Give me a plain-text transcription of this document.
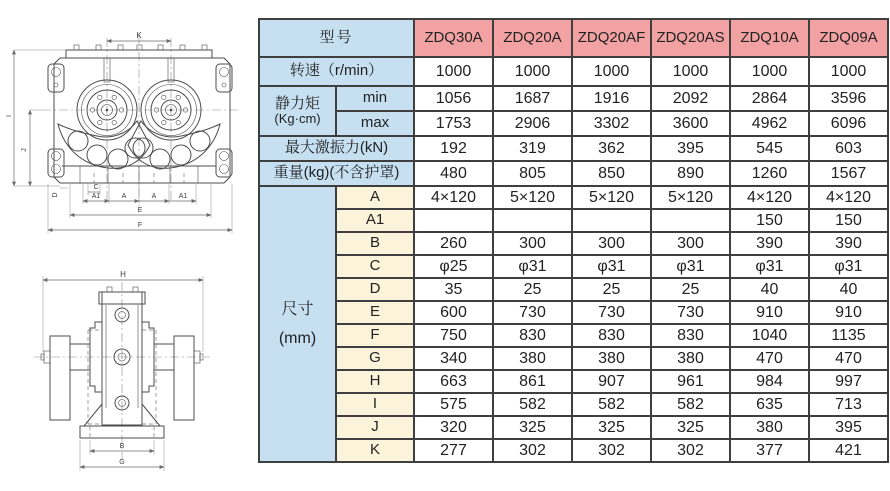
K
I
J
A1	A	A	A1
E
F
C
D
H
B
G
型号		ZDQ30A	ZDQ20A	ZDQ20AF	ZDQ20AS	ZDQ10A	ZDQ09A
转速（r/min）		1000	1000	1000	1000	1000	1000

静力矩
(Kg·cm)	min	1056	1687	1916	2092	2864	3596
	max	1753	2906	3302	3600	4962	6096
最大激振力(kN)		192	319	362	395	545	603
重量(kg)(不含护罩)		480	805	850	890	1260	1567

尺寸
(mm)	A	4×120	5×120	5×120	5×120	4×120	4×120
	A1					150	150
	B	260	300	300	300	390	390
	C	φ25	φ31	φ31	φ31	φ31	φ31
	D	35	25	25	25	40	40
	E	600	730	730	730	910	910
	F	750	830	830	830	1040	1135
	G	340	380	380	380	470	470
	H	663	861	907	961	984	997
	I	575	582	582	582	635	713
	J	320	325	325	325	380	395
	K	277	302	302	302	377	421
